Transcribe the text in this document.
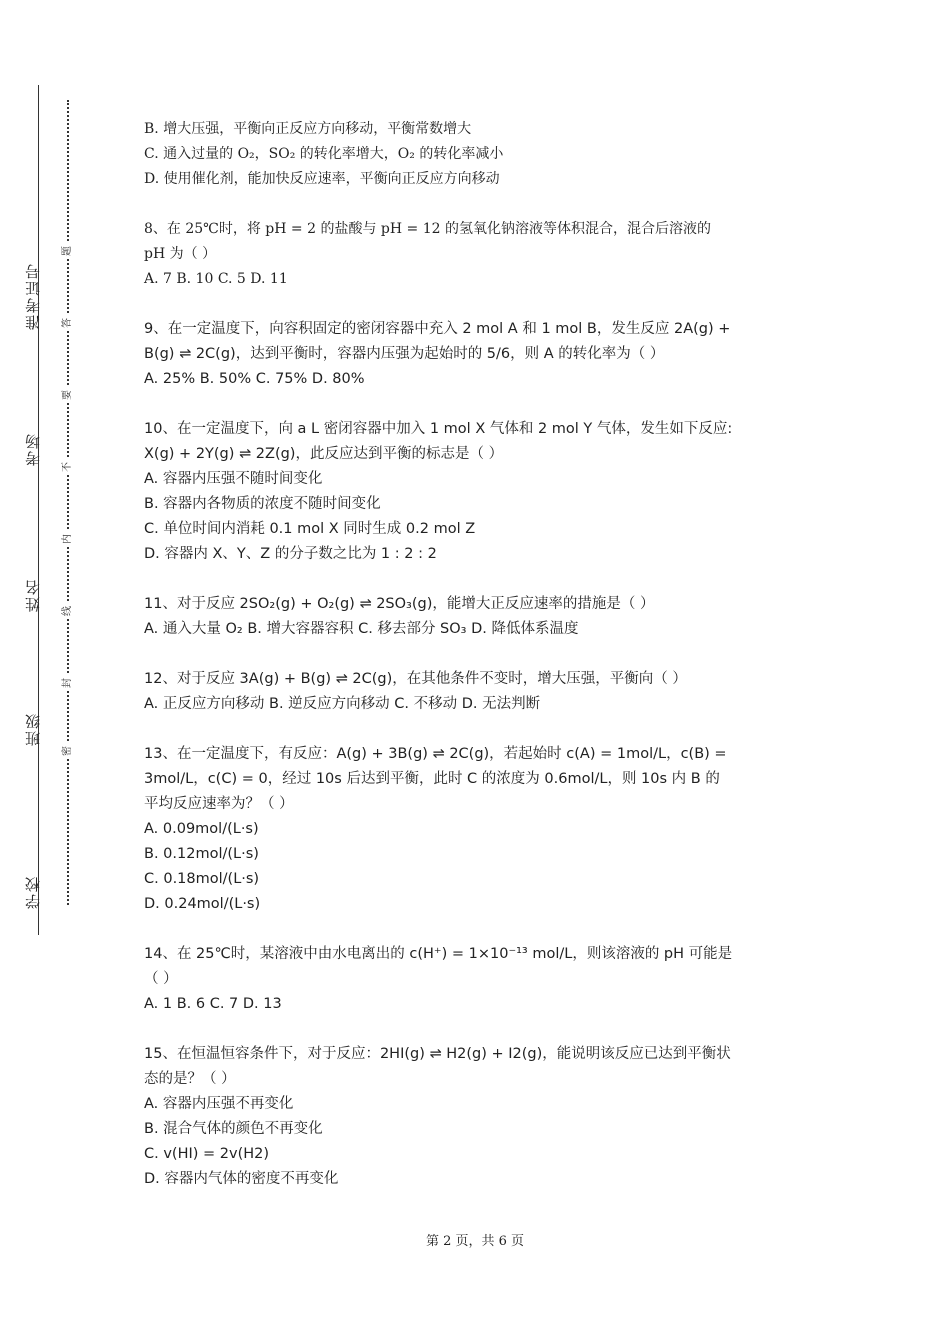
学校
班级
姓名
考场
准考证号
密
封
线
内
不
要
答
题
B. 增大压强，平衡向正反应方向移动，平衡常数增大
C. 通入过量的 O₂，SO₂ 的转化率增大，O₂ 的转化率减小
D. 使用催化剂，能加快反应速率，平衡向正反应方向移动
8、在 25℃时，将 pH = 2 的盐酸与 pH = 12 的氢氧化钠溶液等体积混合，混合后溶液的
pH 为（ ）
A. 7 B. 10 C. 5 D. 11
9、在一定温度下，向容积固定的密闭容器中充入 2 mol A 和 1 mol B，发生反应 2A(g) +
B(g) ⇌ 2C(g)，达到平衡时，容器内压强为起始时的 5/6，则 A 的转化率为（ ）
A. 25% B. 50% C. 75% D. 80%
10、在一定温度下，向 a L 密闭容器中加入 1 mol X 气体和 2 mol Y 气体，发生如下反应:
X(g) + 2Y(g) ⇌ 2Z(g)，此反应达到平衡的标志是（ ）
A. 容器内压强不随时间变化
B. 容器内各物质的浓度不随时间变化
C. 单位时间内消耗 0.1 mol X 同时生成 0.2 mol Z
D. 容器内 X、Y、Z 的分子数之比为 1 : 2 : 2
11、对于反应 2SO₂(g) + O₂(g) ⇌ 2SO₃(g)，能增大正反应速率的措施是（ ）
A. 通入大量 O₂ B. 增大容器容积 C. 移去部分 SO₃ D. 降低体系温度
12、对于反应 3A(g) + B(g) ⇌ 2C(g)，在其他条件不变时，增大压强，平衡向（ ）
A. 正反应方向移动 B. 逆反应方向移动 C. 不移动 D. 无法判断
13、在一定温度下，有反应：A(g) + 3B(g) ⇌ 2C(g)，若起始时 c(A) = 1mol/L，c(B) =
3mol/L，c(C) = 0，经过 10s 后达到平衡，此时 C 的浓度为 0.6mol/L，则 10s 内 B 的
平均反应速率为？（ ）
A. 0.09mol/(L·s)
B. 0.12mol/(L·s)
C. 0.18mol/(L·s)
D. 0.24mol/(L·s)
14、在 25℃时，某溶液中由水电离出的 c(H⁺) = 1×10⁻¹³ mol/L，则该溶液的 pH 可能是
（ ）
A. 1 B. 6 C. 7 D. 13
15、在恒温恒容条件下，对于反应：2HI(g) ⇌ H2(g) + I2(g)，能说明该反应已达到平衡状
态的是？（ ）
A. 容器内压强不再变化
B. 混合气体的颜色不再变化
C. v(HI) = 2v(H2)
D. 容器内气体的密度不再变化
第 2 页，共 6 页
